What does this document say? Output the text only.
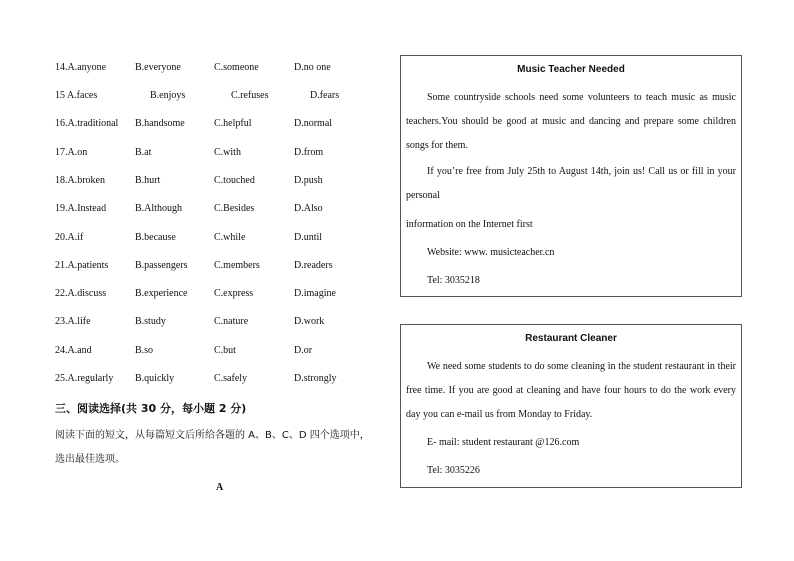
14.A.anyone	B.everyone	C.someone	D.no one
15 A.faces	B.enjoys	C.refuses	D.fears
16.A.traditional B.handsome	C.helpful	D.normal
17.A.on	B.at	C.with	D.from
18.A.broken	B.hurt	C.touched	D.push
19.A.Instead	B.Although	C.Besides	D.Also
20.A.if	B.because	C.while	D.until
21.A.patients	B.passengers	C.members	D.readers
22.A.discuss	B.experience	C.express	D.imagine
23.A.life	B.study	C.nature	D.work
24.A.and	B.so	C.but	D.or
25.A.regularly B.quickly	C.safely	D.strongly
三、阅读选择(共 30 分，每小题 2 分)
阅读下面的短文，从每篇短文后所给各题的 A、B、C、D 四个选项中，
选出最佳选项。
A
Music Teacher Needed

Some countryside schools need some volunteers to teach music as music teachers.You should be good at music and dancing and prepare some children songs for them.

If you’re free from July 25th to August 14th, join us! Call us or fill in your personal

information on the Internet first

Website: www. musicteacher.cn

Tel: 3035218

Restaurant Cleaner

We need some students to do some cleaning in the student restaurant in their free time. If you are good at cleaning and have four hours to do the work every day you can e-mail us from Monday to Friday.

E- mail: student restaurant @126.com

Tel: 3035226
